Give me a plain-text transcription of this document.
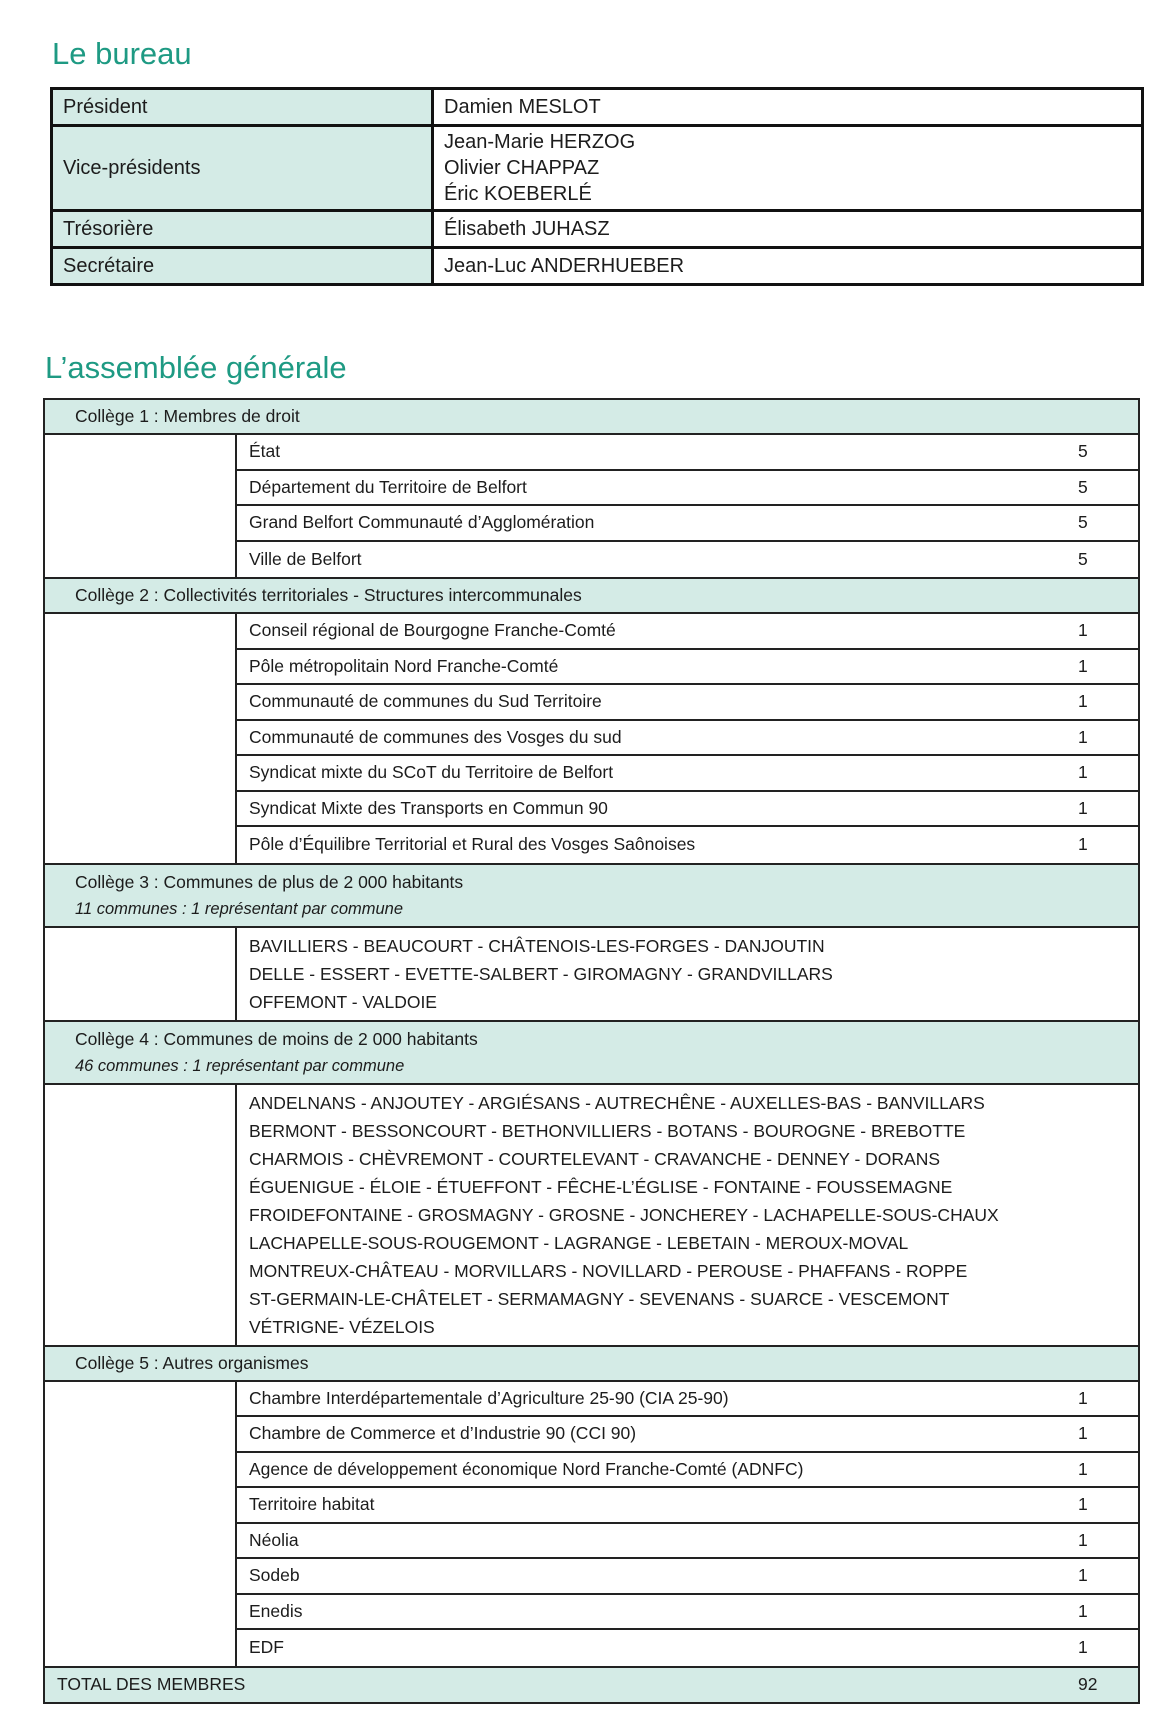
Le bureau
Président	Damien MESLOT

Vice-présidents	Jean-Marie HERZOG
Olivier CHAPPAZ
Éric KOEBERLÉ

Trésorière	Élisabeth JUHASZ

Secrétaire	Jean-Luc ANDERHUEBER
L’assemblée générale
Collège 1 : Membres de droit
État	5
Département du Territoire de Belfort	5
Grand Belfort Communauté d’Agglomération	5
Ville de Belfort	5
Collège 2 : Collectivités territoriales - Structures intercommunales
Conseil régional de Bourgogne Franche-Comté	1
Pôle métropolitain Nord Franche-Comté	1
Communauté de communes du Sud Territoire	1
Communauté de communes des Vosges du sud	1
Syndicat mixte du SCoT du Territoire de Belfort	1
Syndicat Mixte des Transports en Commun 90	1
Pôle d’Équilibre Territorial et Rural des Vosges Saônoises	1
Collège 3 : Communes de plus de 2 000 habitants
11 communes : 1 représentant par commune
BAVILLIERS - BEAUCOURT - CHÂTENOIS-LES-FORGES - DANJOUTIN
DELLE - ESSERT - EVETTE-SALBERT - GIROMAGNY - GRANDVILLARS
OFFEMONT - VALDOIE
Collège 4 : Communes de moins de 2 000 habitants
46 communes : 1 représentant par commune
ANDELNANS - ANJOUTEY - ARGIÉSANS - AUTRECHÊNE - AUXELLES-BAS - BANVILLARS
BERMONT - BESSONCOURT - BETHONVILLIERS - BOTANS - BOUROGNE - BREBOTTE
CHARMOIS - CHÈVREMONT - COURTELEVANT - CRAVANCHE - DENNEY - DORANS
ÉGUENIGUE - ÉLOIE - ÉTUEFFONT - FÊCHE-L’ÉGLISE - FONTAINE - FOUSSEMAGNE
FROIDEFONTAINE - GROSMAGNY - GROSNE - JONCHEREY - LACHAPELLE-SOUS-CHAUX
LACHAPELLE-SOUS-ROUGEMONT - LAGRANGE - LEBETAIN - MEROUX-MOVAL
MONTREUX-CHÂTEAU - MORVILLARS - NOVILLARD - PEROUSE - PHAFFANS - ROPPE
ST-GERMAIN-LE-CHÂTELET - SERMAMAGNY - SEVENANS - SUARCE - VESCEMONT
VÉTRIGNE- VÉZELOIS
Collège 5 : Autres organismes
Chambre Interdépartementale d’Agriculture 25-90 (CIA 25-90)	1
Chambre de Commerce et d’Industrie 90 (CCI 90)	1
Agence de développement économique Nord Franche-Comté (ADNFC)	1
Territoire habitat	1
Néolia	1
Sodeb	1
Enedis	1
EDF	1
TOTAL DES MEMBRES	92
